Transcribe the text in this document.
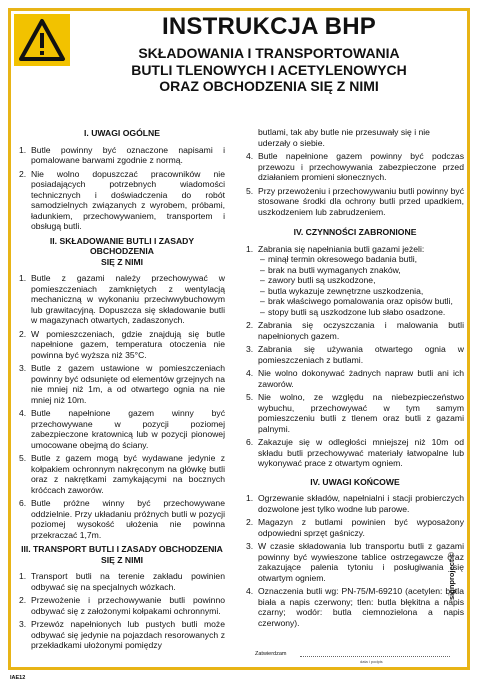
INSTRUKCJA BHP
SKŁADOWANIA I TRANSPORTOWANIA
BUTLI TLENOWYCH I ACETYLENOWYCH
ORAZ OBCHODZENIA SIĘ Z NIMI
I. UWAGI OGÓLNE
1. Butle powinny być oznaczone napisami i pomalowane barwami zgodnie z normą.
2. Nie wolno dopuszczać pracowników nie posiadających potrzebnych wiadomości technicznych i doświadczenia do robót samodzielnych związanych z wyrobem, próbami, ładunkiem, przechowywaniem, transportem i obsługą butli.
II. SKŁADOWANIE BUTLI I ZASADY OBCHODZENIA
SIĘ Z NIMI
1. Butle z gazami należy przechowywać w pomieszczeniach zamkniętych z wentylacją mechaniczną w wykonaniu przeciwwybuchowym lub grawitacyjną. Dopuszcza się składowanie butli w magazynach otwartych, zadaszonych.
2. W pomieszczeniach, gdzie znajdują się butle napełnione gazem, temperatura otoczenia nie powinna być wyższa niż 35°C.
3. Butle z gazem ustawione w pomieszczeniach powinny być odsunięte od elementów grzejnych na nie mniej niż 1m, a od otwartego ognia na nie mniej niż 10m.
4. Butle napełnione gazem winny być przechowywane w pozycji poziomej zabezpieczone kratownicą lub w pozycji pionowej umocowane obejmą do ściany.
5. Butle z gazem mogą być wydawane jedynie z kołpakiem ochronnym nakręconym na główkę butli oraz z nakrętkami zamykającymi na bocznych króćcach zaworów.
6. Butle próżne winny być przechowywane oddzielnie. Przy układaniu próżnych butli w pozycji poziomej wysokość ułożenia nie powinna przekraczać 1,7m.
III. TRANSPORT BUTLI I ZASADY OBCHODZENIA
SIĘ Z NIMI
1. Transport butli na terenie zakładu powinien odbywać się na specjalnych wózkach.
2. Przewożenie i przechowywanie butli powinno odbywać się z założonymi kołpakami ochronnymi.
3. Przewóz napełnionych lub pustych butli może odbywać się jedynie na pojazdach resorowanych z przekładkami ułożonymi pomiędzy
butlami, tak aby butle nie przesuwały się i nie uderzały o siebie.
4. Butle napełnione gazem powinny być podczas przewozu i przechowywania zabezpieczone przed działaniem promieni słonecznych.
5. Przy przewożeniu i przechowywaniu butli powinny być stosowane środki dla ochrony butli przed upadkiem, uszkodzeniem lub zabrudzeniem.
IV. CZYNNOŚCI ZABRONIONE
1. Zabrania się napełniania butli gazami jeżeli:
– minął termin okresowego badania butli,
– brak na butli wymaganych znaków,
– zawory butli są uszkodzone,
– butla wykazuje zewnętrzne uszkodzenia,
– brak właściwego pomalowania oraz opisów butli,
– stopy butli są uszkodzone lub słabo osadzone.
2. Zabrania się oczyszczania i malowania butli napełnionych gazem.
3. Zabrania się używania otwartego ognia w pomieszczeniach z butlami.
4. Nie wolno dokonywać żadnych napraw butli ani ich zaworów.
5. Nie wolno, ze względu na niebezpieczeństwo wybuchu, przechowywać w tym samym pomieszczeniu butli z tlenem oraz butli z gazami palnymi.
6. Zakazuje się w odległości mniejszej niż 10m od składu butli przechowywać materiały łatwopalne lub wykonywać prace z otwartym ogniem.
IV. UWAGI KOŃCOWE
1. Ogrzewanie składów, napełnialni i stacji probierczych dozwolone jest tylko wodne lub parowe.
2. Magazyn z butlami powinien być wyposażony odpowiedni sprzęt gaśniczy.
3. W czasie składowania lub transportu butli z gazami powinny być wywieszone tablice ostrzegawcze oraz zakazujące palenia tytoniu i posługiwania się otwartym ogniem.
4. Oznaczenia butli wg: PN-75/M-69210 (acetylen: butla biała a napis czerwony; tlen: butla błękitna a napis czarny; wodór: butla ciemnozielona a napis czerwony).
Zatwierdzam
data i podpis
signproject ©
IAE12
